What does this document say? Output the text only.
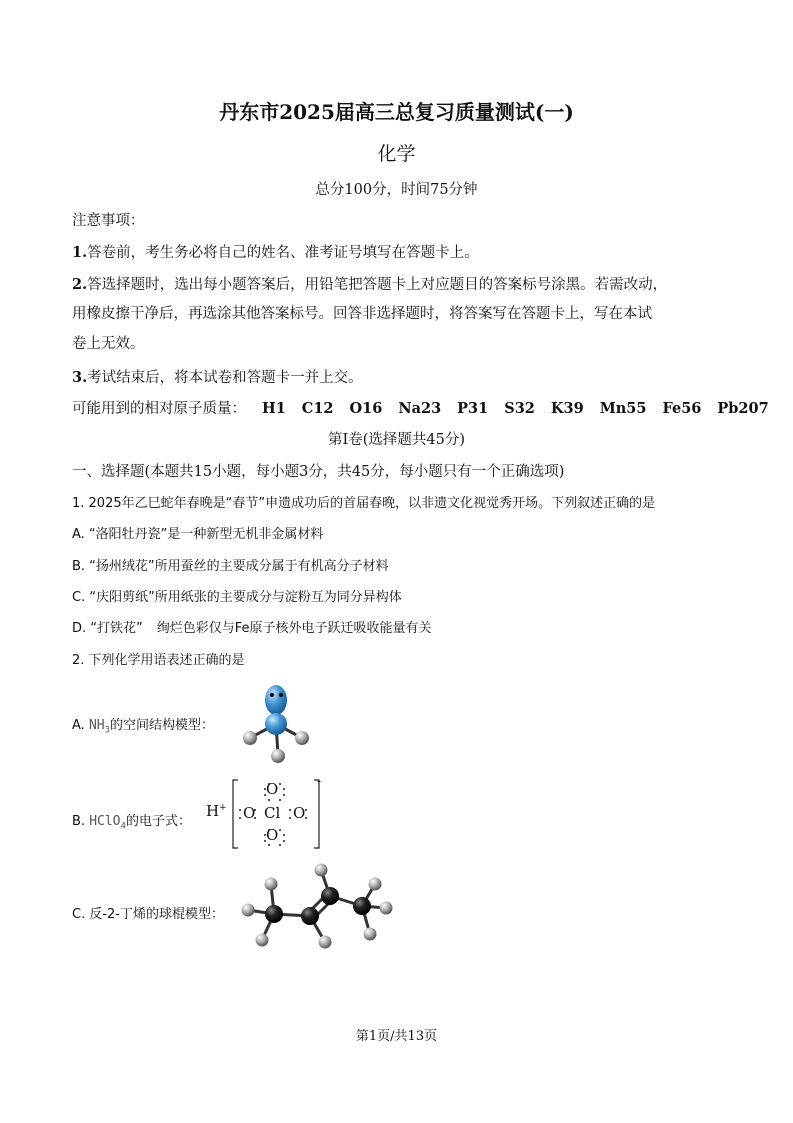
丹东市2025届高三总复习质量测试(一)
化学
总分100分，时间75分钟
注意事项：
1.答卷前，考生务必将自己的姓名、准考证号填写在答题卡上。
2.答选择题时，选出每小题答案后，用铅笔把答题卡上对应题目的答案标号涂黑。若需改动，
用橡皮擦干净后，再选涂其他答案标号。回答非选择题时，将答案写在答题卡上，写在本试
卷上无效。
3.考试结束后，将本试卷和答题卡一并上交。
可能用到的相对原子质量： H1 C12 O16 Na23 P31 S32 K39 Mn55 Fe56 Pb207
第Ⅰ卷(选择题共45分)
一、选择题(本题共15小题，每小题3分，共45分，每小题只有一个正确选项)
1. 2025年乙巳蛇年春晚是“春节”申遗成功后的首届春晚，以非遗文化视觉秀开场。下列叙述正确的是
A. “洛阳牡丹瓷”是一种新型无机非金属材料
B. “扬州绒花”所用蚕丝的主要成分属于有机高分子材料
C. “庆阳剪纸”所用纸张的主要成分与淀粉互为同分异构体
D. “打铁花” 绚烂色彩仅与Fe原子核外电子跃迁吸收能量有关
2. 下列化学用语表述正确的是
A. $NH_3$的空间结构模型：
B. HClO$_4$的电子式：
H+
-
O
O Cl O
O
C. 反-2-丁烯的球棍模型：
第1页/共13页
